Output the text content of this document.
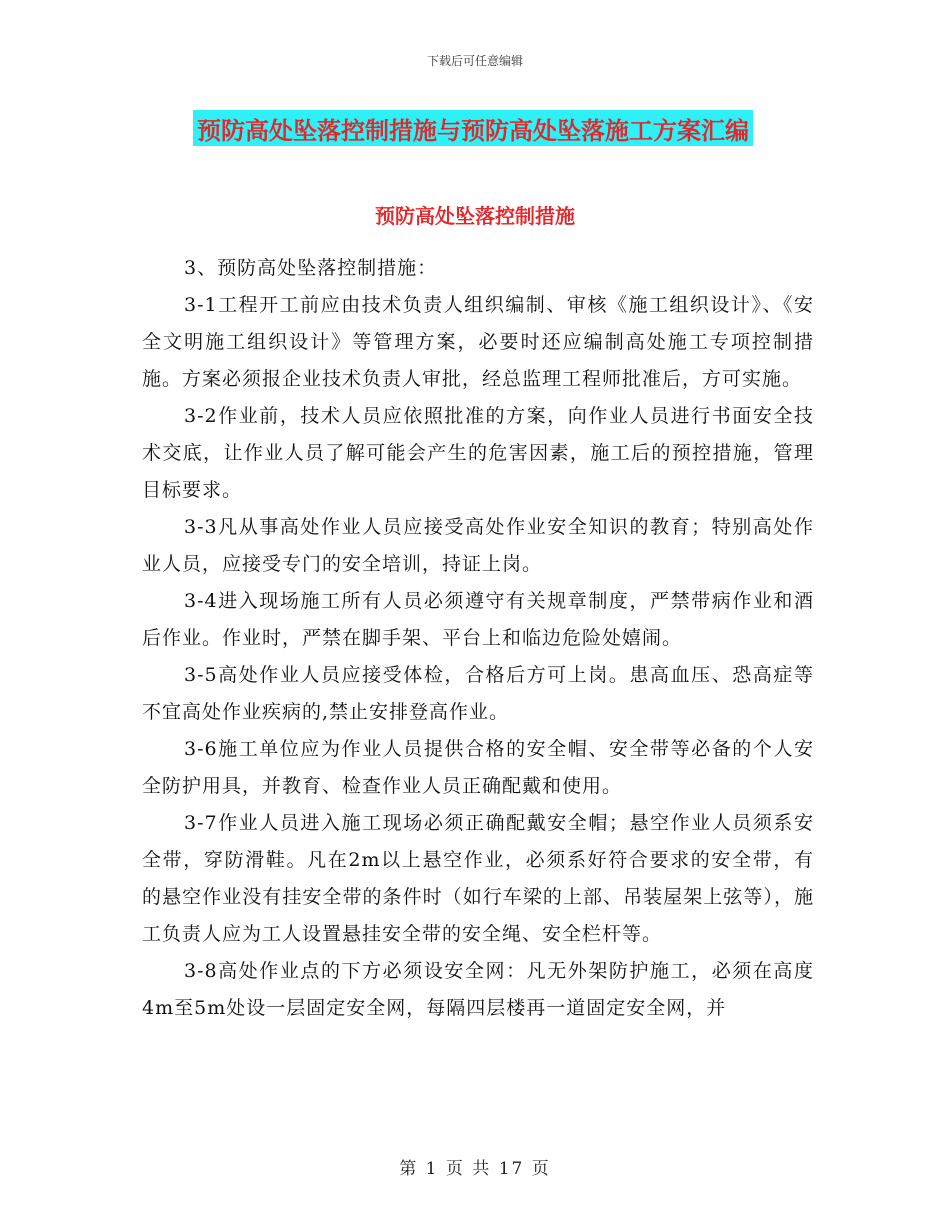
下载后可任意编辑
预防高处坠落控制措施与预防高处坠落施工方案汇编
预防高处坠落控制措施

3、预防高处坠落控制措施：

3-1工程开工前应由技术负责人组织编制、审核《施工组织设计》、《安全文明施工组织设计》等管理方案，必要时还应编制高处施工专项控制措施。方案必须报企业技术负责人审批，经总监理工程师批准后，方可实施。

3-2作业前，技术人员应依照批准的方案，向作业人员进行书面安全技术交底，让作业人员了解可能会产生的危害因素，施工后的预控措施，管理目标要求。

3-3凡从事高处作业人员应接受高处作业安全知识的教育；特别高处作业人员，应接受专门的安全培训，持证上岗。

3-4进入现场施工所有人员必须遵守有关规章制度，严禁带病作业和酒后作业。作业时，严禁在脚手架、平台上和临边危险处嬉闹。

3-5高处作业人员应接受体检，合格后方可上岗。患高血压、恐高症等不宜高处作业疾病的,禁止安排登高作业。

3-6施工单位应为作业人员提供合格的安全帽、安全带等必备的个人安全防护用具，并教育、检查作业人员正确配戴和使用。

3-7作业人员进入施工现场必须正确配戴安全帽；悬空作业人员须系安全带，穿防滑鞋。凡在2m以上悬空作业，必须系好符合要求的安全带，有的悬空作业没有挂安全带的条件时（如行车梁的上部、吊装屋架上弦等），施工负责人应为工人设置悬挂安全带的安全绳、安全栏杆等。

3-8高处作业点的下方必须设安全网：凡无外架防护施工，必须在高度4m至5m处设一层固定安全网，每隔四层楼再一道固定安全网，并

第 1 页 共 17 页
